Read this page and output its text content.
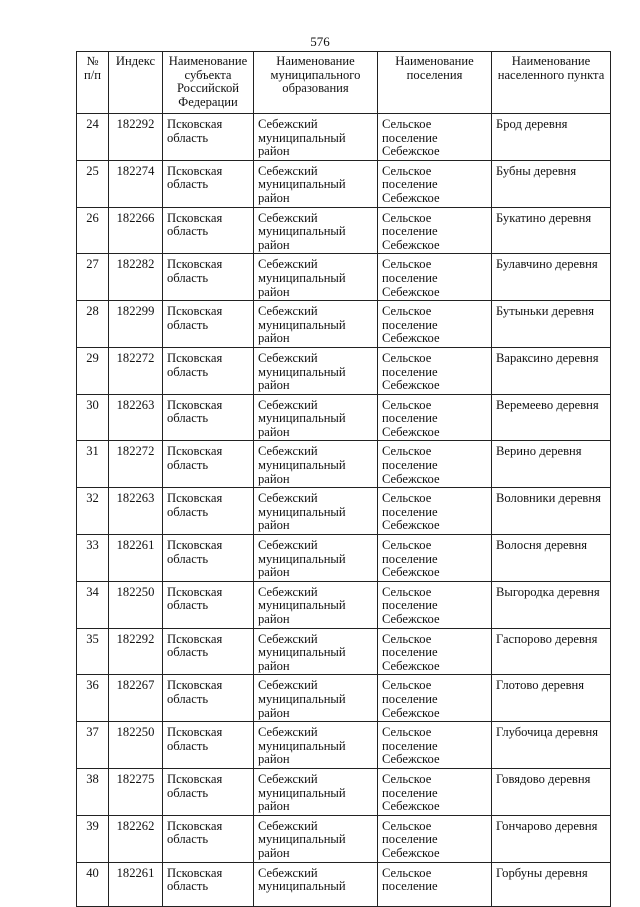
576
№
п/п	Индекс	Наименование субъекта Российской Федерации	Наименование муниципального образования	Наименование поселения	Наименование населенного пункта
24	182292	Псковская область	Себежский муниципальный район	Сельское поселение Себежское	Брод деревня
25	182274	Псковская область	Себежский муниципальный район	Сельское поселение Себежское	Бубны деревня
26	182266	Псковская область	Себежский муниципальный район	Сельское поселение Себежское	Букатино деревня
27	182282	Псковская область	Себежский муниципальный район	Сельское поселение Себежское	Булавчино деревня
28	182299	Псковская область	Себежский муниципальный район	Сельское поселение Себежское	Бутыньки деревня
29	182272	Псковская область	Себежский муниципальный район	Сельское поселение Себежское	Вараксино деревня
30	182263	Псковская область	Себежский муниципальный район	Сельское поселение Себежское	Веремеево деревня
31	182272	Псковская область	Себежский муниципальный район	Сельское поселение Себежское	Верино деревня
32	182263	Псковская область	Себежский муниципальный район	Сельское поселение Себежское	Воловники деревня
33	182261	Псковская область	Себежский муниципальный район	Сельское поселение Себежское	Волосня деревня
34	182250	Псковская область	Себежский муниципальный район	Сельское поселение Себежское	Выгородка деревня
35	182292	Псковская область	Себежский муниципальный район	Сельское поселение Себежское	Гаспорово деревня
36	182267	Псковская область	Себежский муниципальный район	Сельское поселение Себежское	Глотово деревня
37	182250	Псковская область	Себежский муниципальный район	Сельское поселение Себежское	Глубочица деревня
38	182275	Псковская область	Себежский муниципальный район	Сельское поселение Себежское	Говядово деревня
39	182262	Псковская область	Себежский муниципальный район	Сельское поселение Себежское	Гончарово деревня
40	182261	Псковская область	Себежский муниципальный	Сельское поселение	Горбуны деревня
